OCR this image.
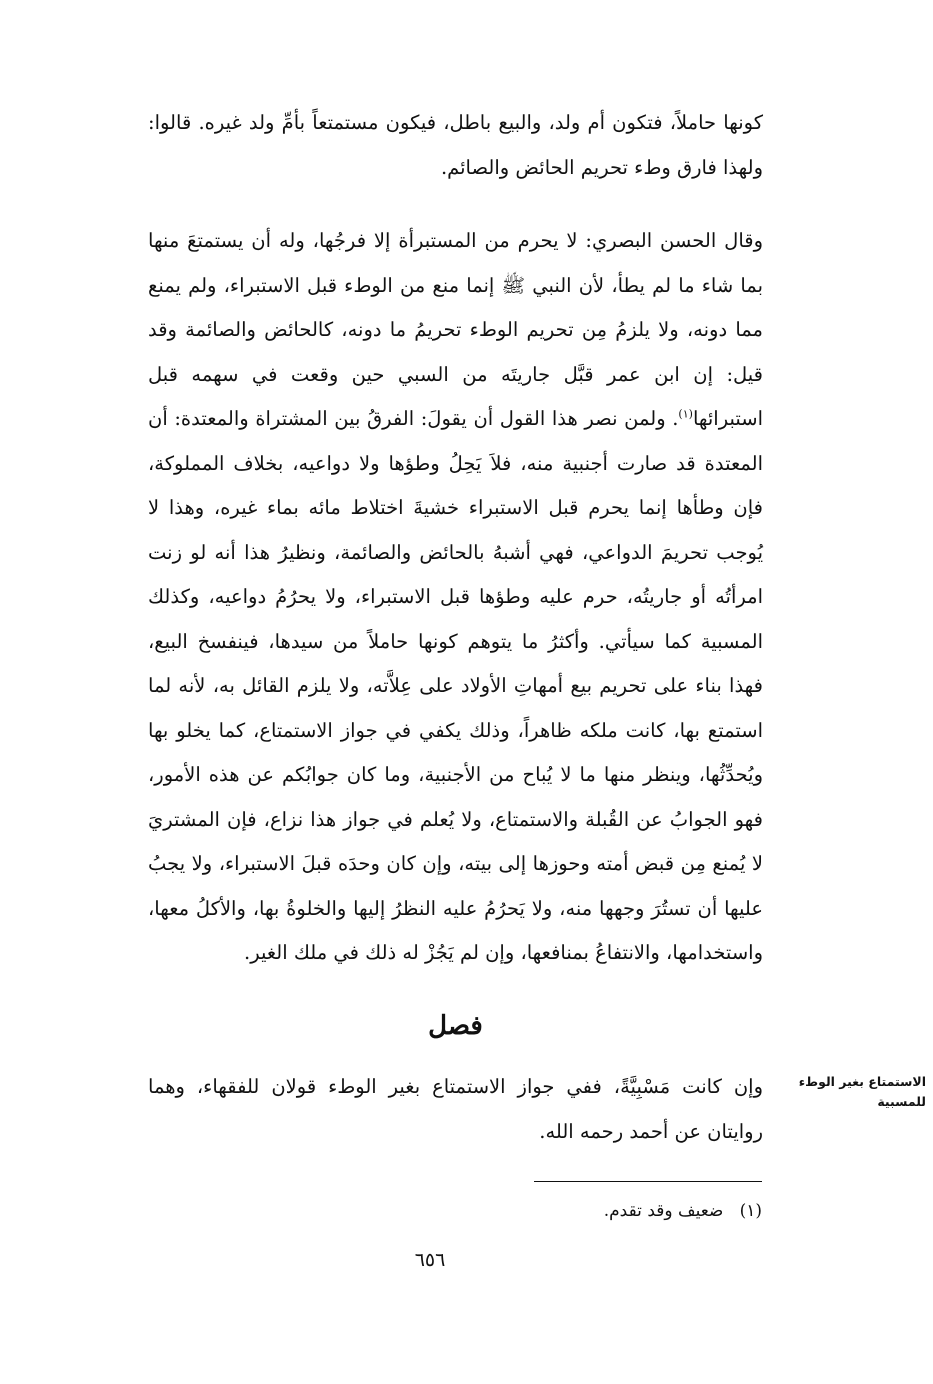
كونها حاملاً، فتكون أم ولد، والبيع باطل، فيكون مستمتعاً بأمِّ ولد غيره. قالوا: ولهذا فارق وطء تحريم الحائض والصائم.

وقال الحسن البصري: لا يحرم من المستبرأة إلا فرجُها، وله أن يستمتعَ منها بما شاء ما لم يطأ، لأن النبي ﷺ إنما منع من الوطء قبل الاستبراء، ولم يمنع مما دونه، ولا يلزمُ مِن تحريم الوطء تحريمُ ما دونه، كالحائض والصائمة وقد قيل: إن ابن عمر قبَّل جاريتَه من السبي حين وقعت في سهمه قبل استبرائها$^{(١)}$. ولمن نصر هذا القول أن يقولَ: الفرقُ بين المشتراة والمعتدة: أن المعتدة قد صارت أجنبية منه، فلاَ يَحِلُ وطؤها ولا دواعيه، بخلاف المملوكة، فإن وطأها إنما يحرم قبل الاستبراء خشيةَ اختلاط مائه بماء غيره، وهذا لا يُوجب تحريمَ الدواعي، فهي أشبهُ بالحائض والصائمة، ونظيرُ هذا أنه لو زنت امرأتُه أو جاريتُه، حرم عليه وطؤها قبل الاستبراء، ولا يحرُمُ دواعيه، وكذلك المسبية كما سيأتي. وأكثرُ ما يتوهم كونها حاملاً من سيدها، فينفسخ البيع، فهذا بناء على تحريم بيع أمهاتِ الأولاد على عِلاَّته، ولا يلزم القائل به، لأنه لما استمتع بها، كانت ملكه ظاهراً، وذلك يكفي في جواز الاستمتاع، كما يخلو بها ويُحدِّثُها، وينظر منها ما لا يُباح من الأجنبية، وما كان جوابُكم عن هذه الأمور، فهو الجوابُ عن القُبلة والاستمتاع، ولا يُعلم في جواز هذا نزاع، فإن المشتريَ لا يُمنع مِن قبض أمته وحوزها إلى بيته، وإن كان وحدَه قبلَ الاستبراء، ولا يجبُ عليها أن تستُرَ وجهها منه، ولا يَحرُمُ عليه النظرُ إليها والخلوةُ بها، والأكلُ معها، واستخدامها، والانتفاعُ بمنافعها، وإن لم يَجُزْ له ذلك في ملك الغير.

فصل
الاستمتاع بغير الوطء للمسبية

وإن كانت مَسْبِيَّةً، ففي جواز الاستمتاع بغير الوطء قولان للفقهاء، وهما روايتان عن أحمد رحمه الله.

(١)   ضعيف وقد تقدم.
٦٥٦
